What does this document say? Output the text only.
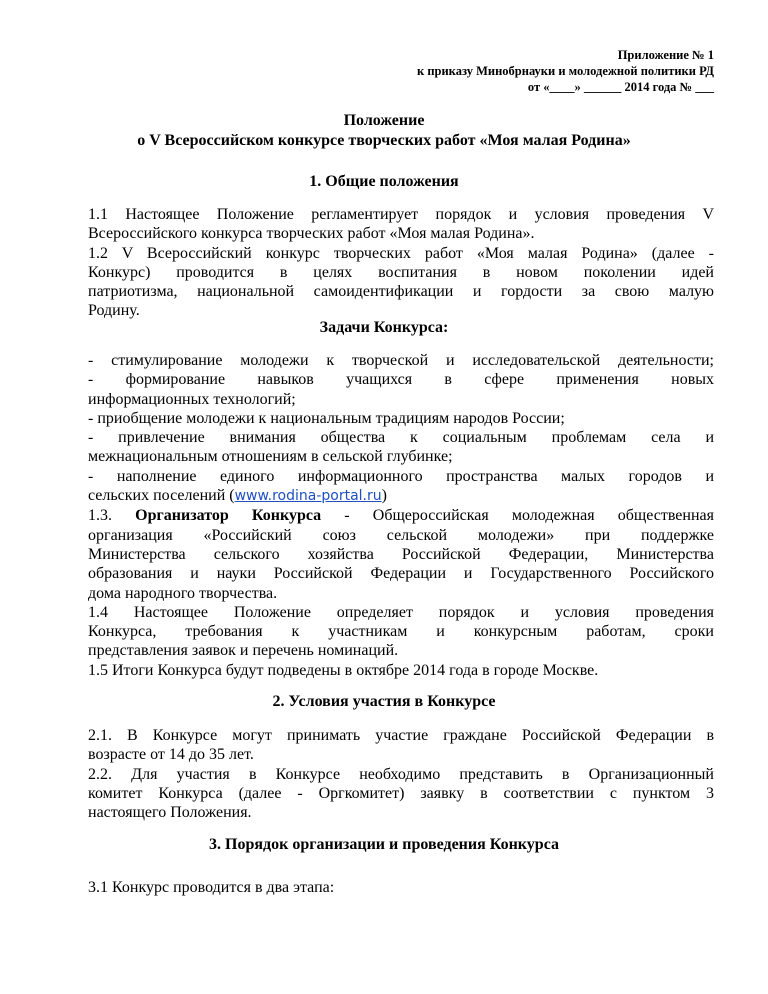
Приложение № 1
к приказу Минобрнауки и молодежной политики РД
от «____» ______ 2014 года № ___
Положение
о V Всероссийском конкурсе творческих работ «Моя малая Родина»
1. Общие положения
1.1 Настоящее Положение регламентирует порядок и условия проведения V
Всероссийского конкурса творческих работ «Моя малая Родина».
1.2 V Всероссийский конкурс творческих работ «Моя малая Родина» (далее -
Конкурс) проводится в целях воспитания в новом поколении идей
патриотизма, национальной самоидентификации и гордости за свою малую
Родину.
Задачи Конкурса:
- стимулирование молодежи к творческой и исследовательской деятельности;
- формирование навыков учащихся в сфере применения новых
информационных технологий;
- приобщение молодежи к национальным традициям народов России;
- привлечение внимания общества к социальным проблемам села и
межнациональным отношениям в сельской глубинке;
- наполнение единого информационного пространства малых городов и
сельских поселений (www.rodina-portal.ru)
1.3. Организатор Конкурса - Общероссийская молодежная общественная
организация «Российский союз сельской молодежи» при поддержке
Министерства сельского хозяйства Российской Федерации, Министерства
образования и науки Российской Федерации и Государственного Российского
дома народного творчества.
1.4 Настоящее Положение определяет порядок и условия проведения
Конкурса, требования к участникам и конкурсным работам, сроки
представления заявок и перечень номинаций.
1.5 Итоги Конкурса будут подведены в октябре 2014 года в городе Москве.
2. Условия участия в Конкурсе
2.1. В Конкурсе могут принимать участие граждане Российской Федерации в
возрасте от 14 до 35 лет.
2.2. Для участия в Конкурсе необходимо представить в Организационный
комитет Конкурса (далее - Оргкомитет) заявку в соответствии с пунктом 3
настоящего Положения.
3. Порядок организации и проведения Конкурса
3.1 Конкурс проводится в два этапа:
